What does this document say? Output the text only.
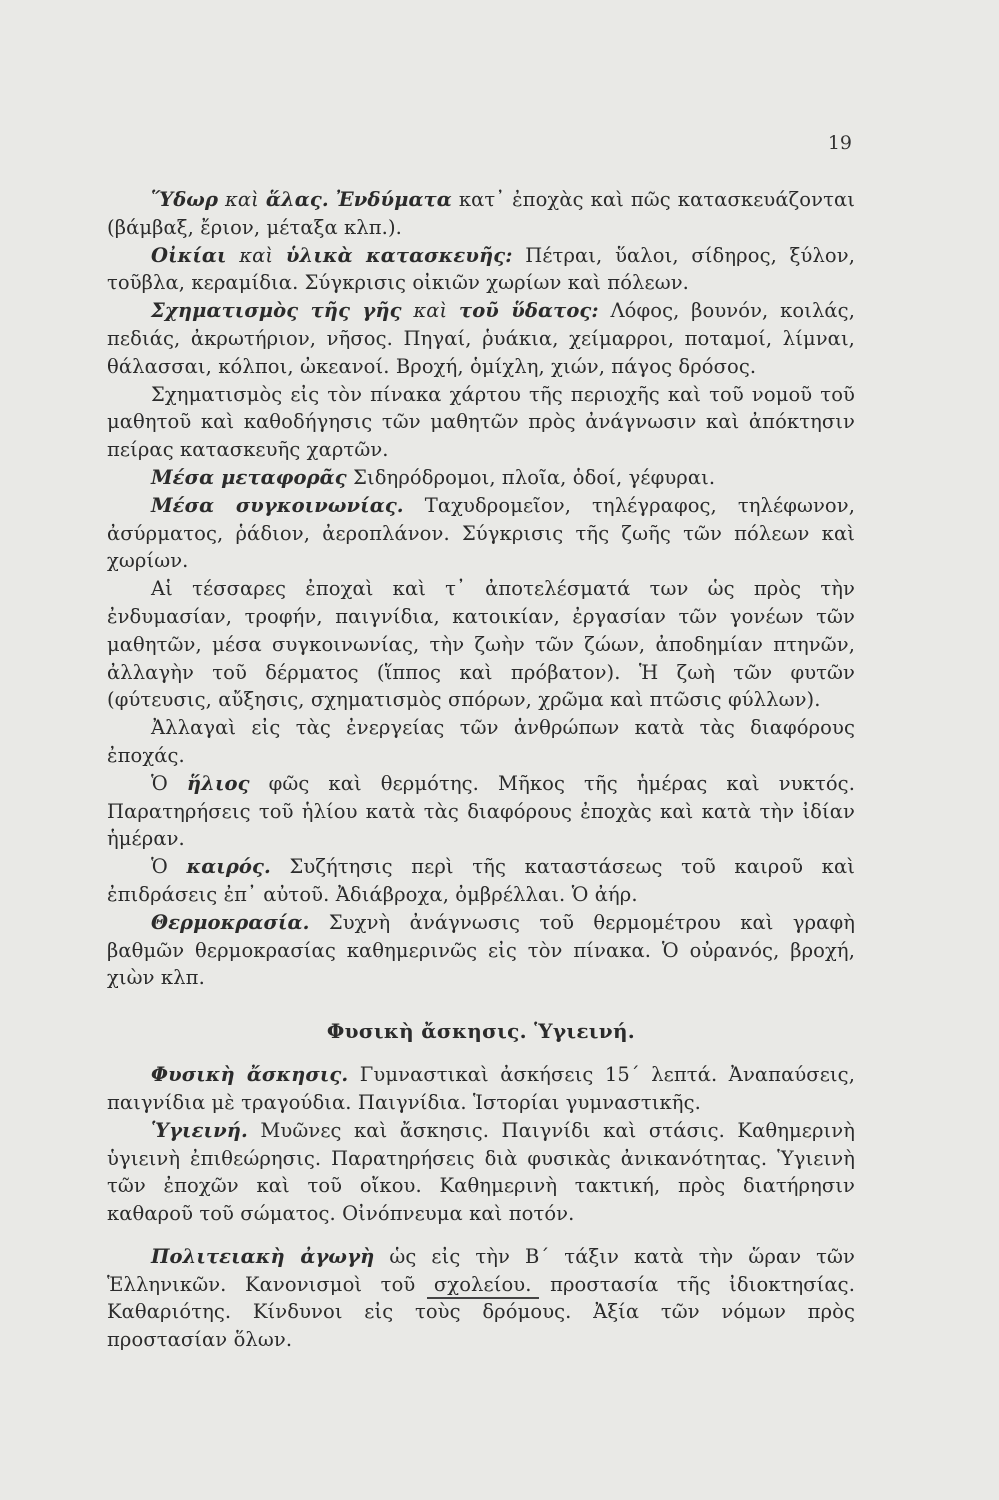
19

Ὕδωρ καὶ ἅλας. Ἐνδύματα κατ᾽ ἐποχὰς καὶ πῶς κατασκευάζονται (βάμβαξ, ἔριον, μέταξα κλπ.).

Οἰκίαι καὶ ὑλικὰ κατασκευῆς: Πέτραι, ὕαλοι, σίδηρος, ξύλον, τοῦβλα, κεραμίδια. Σύγκρισις οἰκιῶν χωρίων καὶ πόλεων.

Σχηματισμὸς τῆς γῆς καὶ τοῦ ὕδατος: Λόφος, βουνόν, κοιλάς, πεδιάς, ἀκρωτήριον, νῆσος. Πηγαί, ῥυάκια, χείμαρροι, ποταμοί, λίμναι, θάλασσαι, κόλποι, ὠκεανοί. Βροχή, ὁμίχλη, χιών, πάγος δρόσος.

Σχηματισμὸς εἰς τὸν πίνακα χάρτου τῆς περιοχῆς καὶ τοῦ νομοῦ τοῦ μαθητοῦ καὶ καθοδήγησις τῶν μαθητῶν πρὸς ἀνάγνωσιν καὶ ἀπόκτησιν πείρας κατασκευῆς χαρτῶν.

Μέσα μεταφορᾶς Σιδηρόδρομοι, πλοῖα, ὁδοί, γέφυραι.

Μέσα συγκοινωνίας. Ταχυδρομεῖον, τηλέγραφος, τηλέφωνον, ἀσύρματος, ῥάδιον, ἀεροπλάνον. Σύγκρισις τῆς ζωῆς τῶν πόλεων καὶ χωρίων.

Αἱ τέσσαρες ἐποχαὶ καὶ τ᾽ ἀποτελέσματά των ὡς πρὸς τὴν ἐνδυμασίαν, τροφήν, παιγνίδια, κατοικίαν, ἐργασίαν τῶν γονέων τῶν μαθητῶν, μέσα συγκοινωνίας, τὴν ζωὴν τῶν ζώων, ἀποδημίαν πτηνῶν, ἀλλαγὴν τοῦ δέρματος (ἵππος καὶ πρόβατον). Ἡ ζωὴ τῶν φυτῶν (φύτευσις, αὔξησις, σχηματισμὸς σπόρων, χρῶμα καὶ πτῶσις φύλλων).

Ἀλλαγαὶ εἰς τὰς ἐνεργείας τῶν ἀνθρώπων κατὰ τὰς διαφόρους ἐποχάς.

Ὁ ἥλιος φῶς καὶ θερμότης. Μῆκος τῆς ἡμέρας καὶ νυκτός. Παρατηρήσεις τοῦ ἡλίου κατὰ τὰς διαφόρους ἐποχὰς καὶ κατὰ τὴν ἰδίαν ἡμέραν.

Ὁ καιρός. Συζήτησις περὶ τῆς καταστάσεως τοῦ καιροῦ καὶ ἐπιδράσεις ἐπ᾽ αὐτοῦ. Ἀδιάβροχα, ὀμβρέλλαι. Ὁ ἀήρ.

Θερμοκρασία. Συχνὴ ἀνάγνωσις τοῦ θερμομέτρου καὶ γραφὴ βαθμῶν θερμοκρασίας καθημερινῶς εἰς τὸν πίνακα. Ὁ οὐρανός, βροχή, χιὼν κλπ.

Φυσικὴ ἄσκησις. Ὑγιεινή.

Φυσικὴ ἄσκησις. Γυμναστικαὶ ἀσκήσεις 15΄ λεπτά. Ἀναπαύσεις, παιγνίδια μὲ τραγούδια. Παιγνίδια. Ἱστορίαι γυμναστικῆς.

Ὑγιεινή. Μυῶνες καὶ ἄσκησις. Παιγνίδι καὶ στάσις. Καθημερινὴ ὑγιεινὴ ἐπιθεώρησις. Παρατηρήσεις διὰ φυσικὰς ἀνικανότητας. Ὑγιεινὴ τῶν ἐποχῶν καὶ τοῦ οἴκου. Καθημερινὴ τακτική, πρὸς διατήρησιν καθαροῦ τοῦ σώματος. Οἰνόπνευμα καὶ ποτόν.

Πολιτειακὴ ἀγωγὴ ὡς εἰς τὴν Β΄ τάξιν κατὰ τὴν ὥραν τῶν Ἑλληνικῶν. Κανονισμοὶ τοῦ σχολείου. προστασία τῆς ἰδιοκτησίας. Καθαριότης. Κίνδυνοι εἰς τοὺς δρόμους. Ἀξία τῶν νόμων πρὸς προστασίαν ὅλων.
